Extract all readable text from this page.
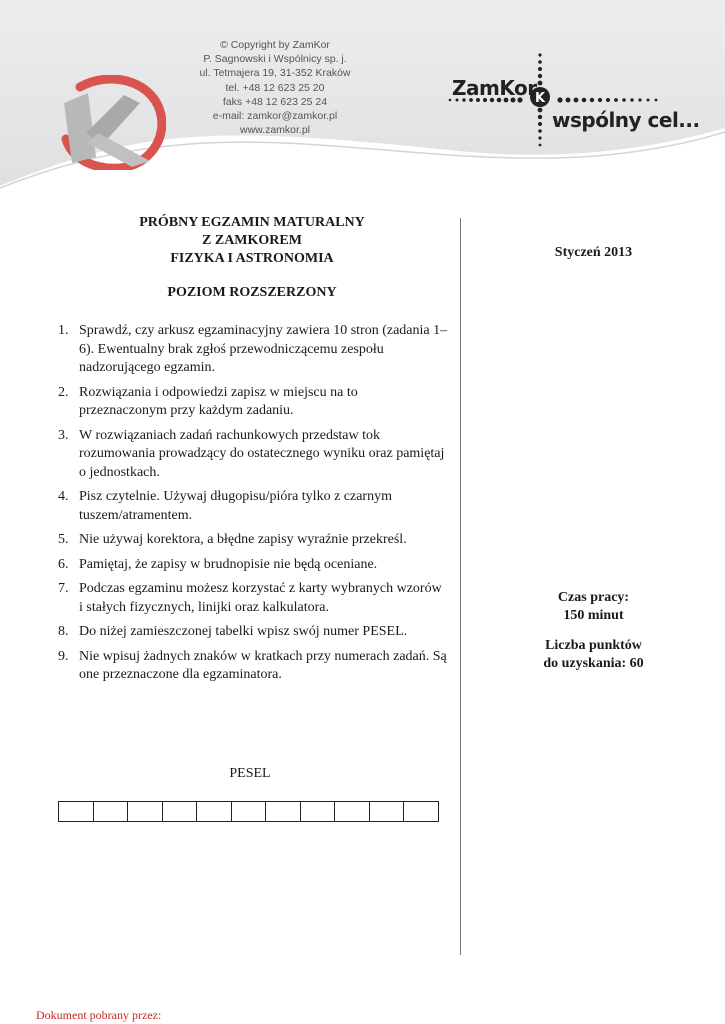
© Copyright by ZamKor
P. Sagnowski i Wspólnicy sp. j.
ul. Tetmajera 19, 31-352 Kraków
tel. +48 12 623 25 20
faks +48 12 623 25 24
e-mail: zamkor@zamkor.pl
www.zamkor.pl
K
ZamKor
wspólny cel...
PRÓBNY EGZAMIN MATURALNY
Z ZAMKOREM
FIZYKA I ASTRONOMIA
POZIOM ROZSZERZONY
1. Sprawdź, czy arkusz egzaminacyjny zawiera 10 stron (zadania 1–6). Ewentualny brak zgłoś przewodniczącemu zespołu nadzorującego egzamin.
2. Rozwiązania i odpowiedzi zapisz w miejscu na to przeznaczonym przy każdym zadaniu.
3. W rozwiązaniach zadań rachunkowych przedstaw tok rozumowania prowadzący do ostatecznego wyniku oraz pamiętaj o jednostkach.
4. Pisz czytelnie. Używaj długopisu/pióra tylko z czarnym tuszem/atramentem.
5. Nie używaj korektora, a błędne zapisy wyraźnie przekreśl.
6. Pamiętaj, że zapisy w brudnopisie nie będą oceniane.
7. Podczas egzaminu możesz korzystać z karty wybranych wzorów i stałych fizycznych, linijki oraz kalkulatora.
8. Do niżej zamieszczonej tabelki wpisz swój numer PESEL.
9. Nie wpisuj żadnych znaków w kratkach przy numerach zadań. Są one przeznaczone dla egzaminatora.
Styczeń 2013
Czas pracy:
150 minut
Liczba punktów
do uzyskania: 60
PESEL
Dokument pobrany przez:
